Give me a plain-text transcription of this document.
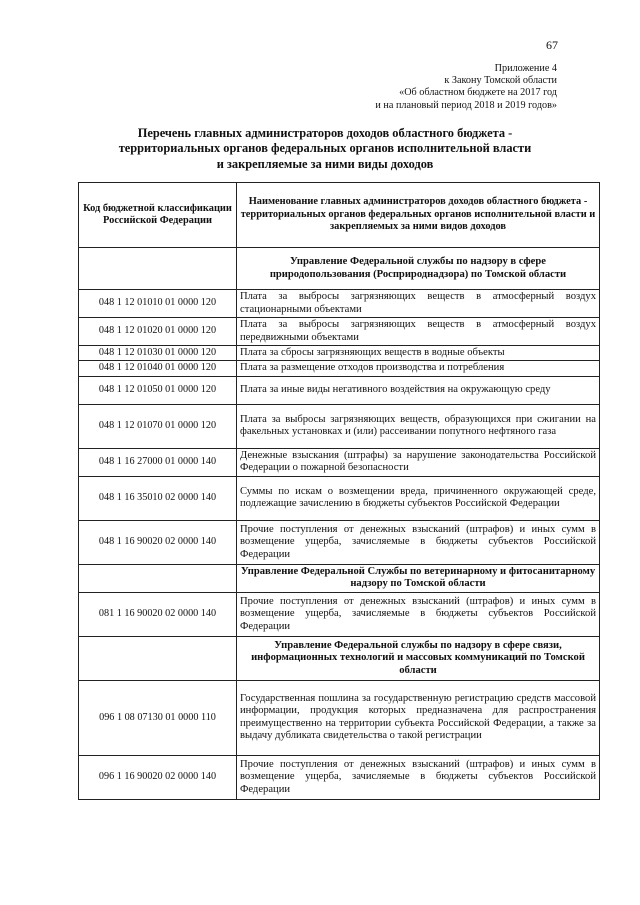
67
Приложение 4
к Закону Томской области
«Об областном бюджете на 2017 год
и на плановый период 2018 и 2019 годов»
Перечень главных администраторов доходов областного бюджета -
территориальных органов федеральных органов исполнительной власти
и закрепляемые за ними виды доходов
Код бюджетной классификации Российской Федерации	Наименование главных администраторов доходов областного бюджета - территориальных органов федеральных органов исполнительной власти и закрепляемых за ними видов доходов
	Управление Федеральной службы по надзору в сфере природопользования (Росприроднадзора) по Томской области
048 1 12 01010 01 0000 120	Плата за выбросы загрязняющих веществ в атмосферный воздух стационарными объектами
048 1 12 01020 01 0000 120	Плата за выбросы загрязняющих веществ в атмосферный воздух передвижными объектами
048 1 12 01030 01 0000 120	Плата за сбросы загрязняющих веществ в водные объекты
048 1 12 01040 01 0000 120	Плата за размещение отходов производства и потребления
048 1 12 01050 01 0000 120	Плата за иные виды негативного воздействия на окружающую среду
048 1 12 01070 01 0000 120	Плата за выбросы загрязняющих веществ, образующихся при сжигании на факельных установках и (или) рассеивании попутного нефтяного газа
048 1 16 27000 01 0000 140	Денежные взыскания (штрафы) за нарушение законодательства Российской Федерации о пожарной безопасности
048 1 16 35010 02 0000 140	Суммы по искам о возмещении вреда, причиненного окружающей среде, подлежащие зачислению в бюджеты субъектов Российской Федерации
048 1 16 90020 02 0000 140	Прочие поступления от денежных взысканий (штрафов) и иных сумм в возмещение ущерба, зачисляемые в бюджеты субъектов Российской Федерации
	Управление Федеральной Службы по ветеринарному и фитосанитарному надзору по Томской области
081 1 16 90020 02 0000 140	Прочие поступления от денежных взысканий (штрафов) и иных сумм в возмещение ущерба, зачисляемые в бюджеты субъектов Российской Федерации
	Управление Федеральной службы по надзору в сфере связи, информационных технологий и массовых коммуникаций по Томской области
096 1 08 07130 01 0000 110	Государственная пошлина за государственную регистрацию средств массовой информации, продукция которых предназначена для распространения преимущественно на территории субъекта Российской Федерации, а также за выдачу дубликата свидетельства о такой регистрации
096 1 16 90020 02 0000 140	Прочие поступления от денежных взысканий (штрафов) и иных сумм в возмещение ущерба, зачисляемые в бюджеты субъектов Российской Федерации
